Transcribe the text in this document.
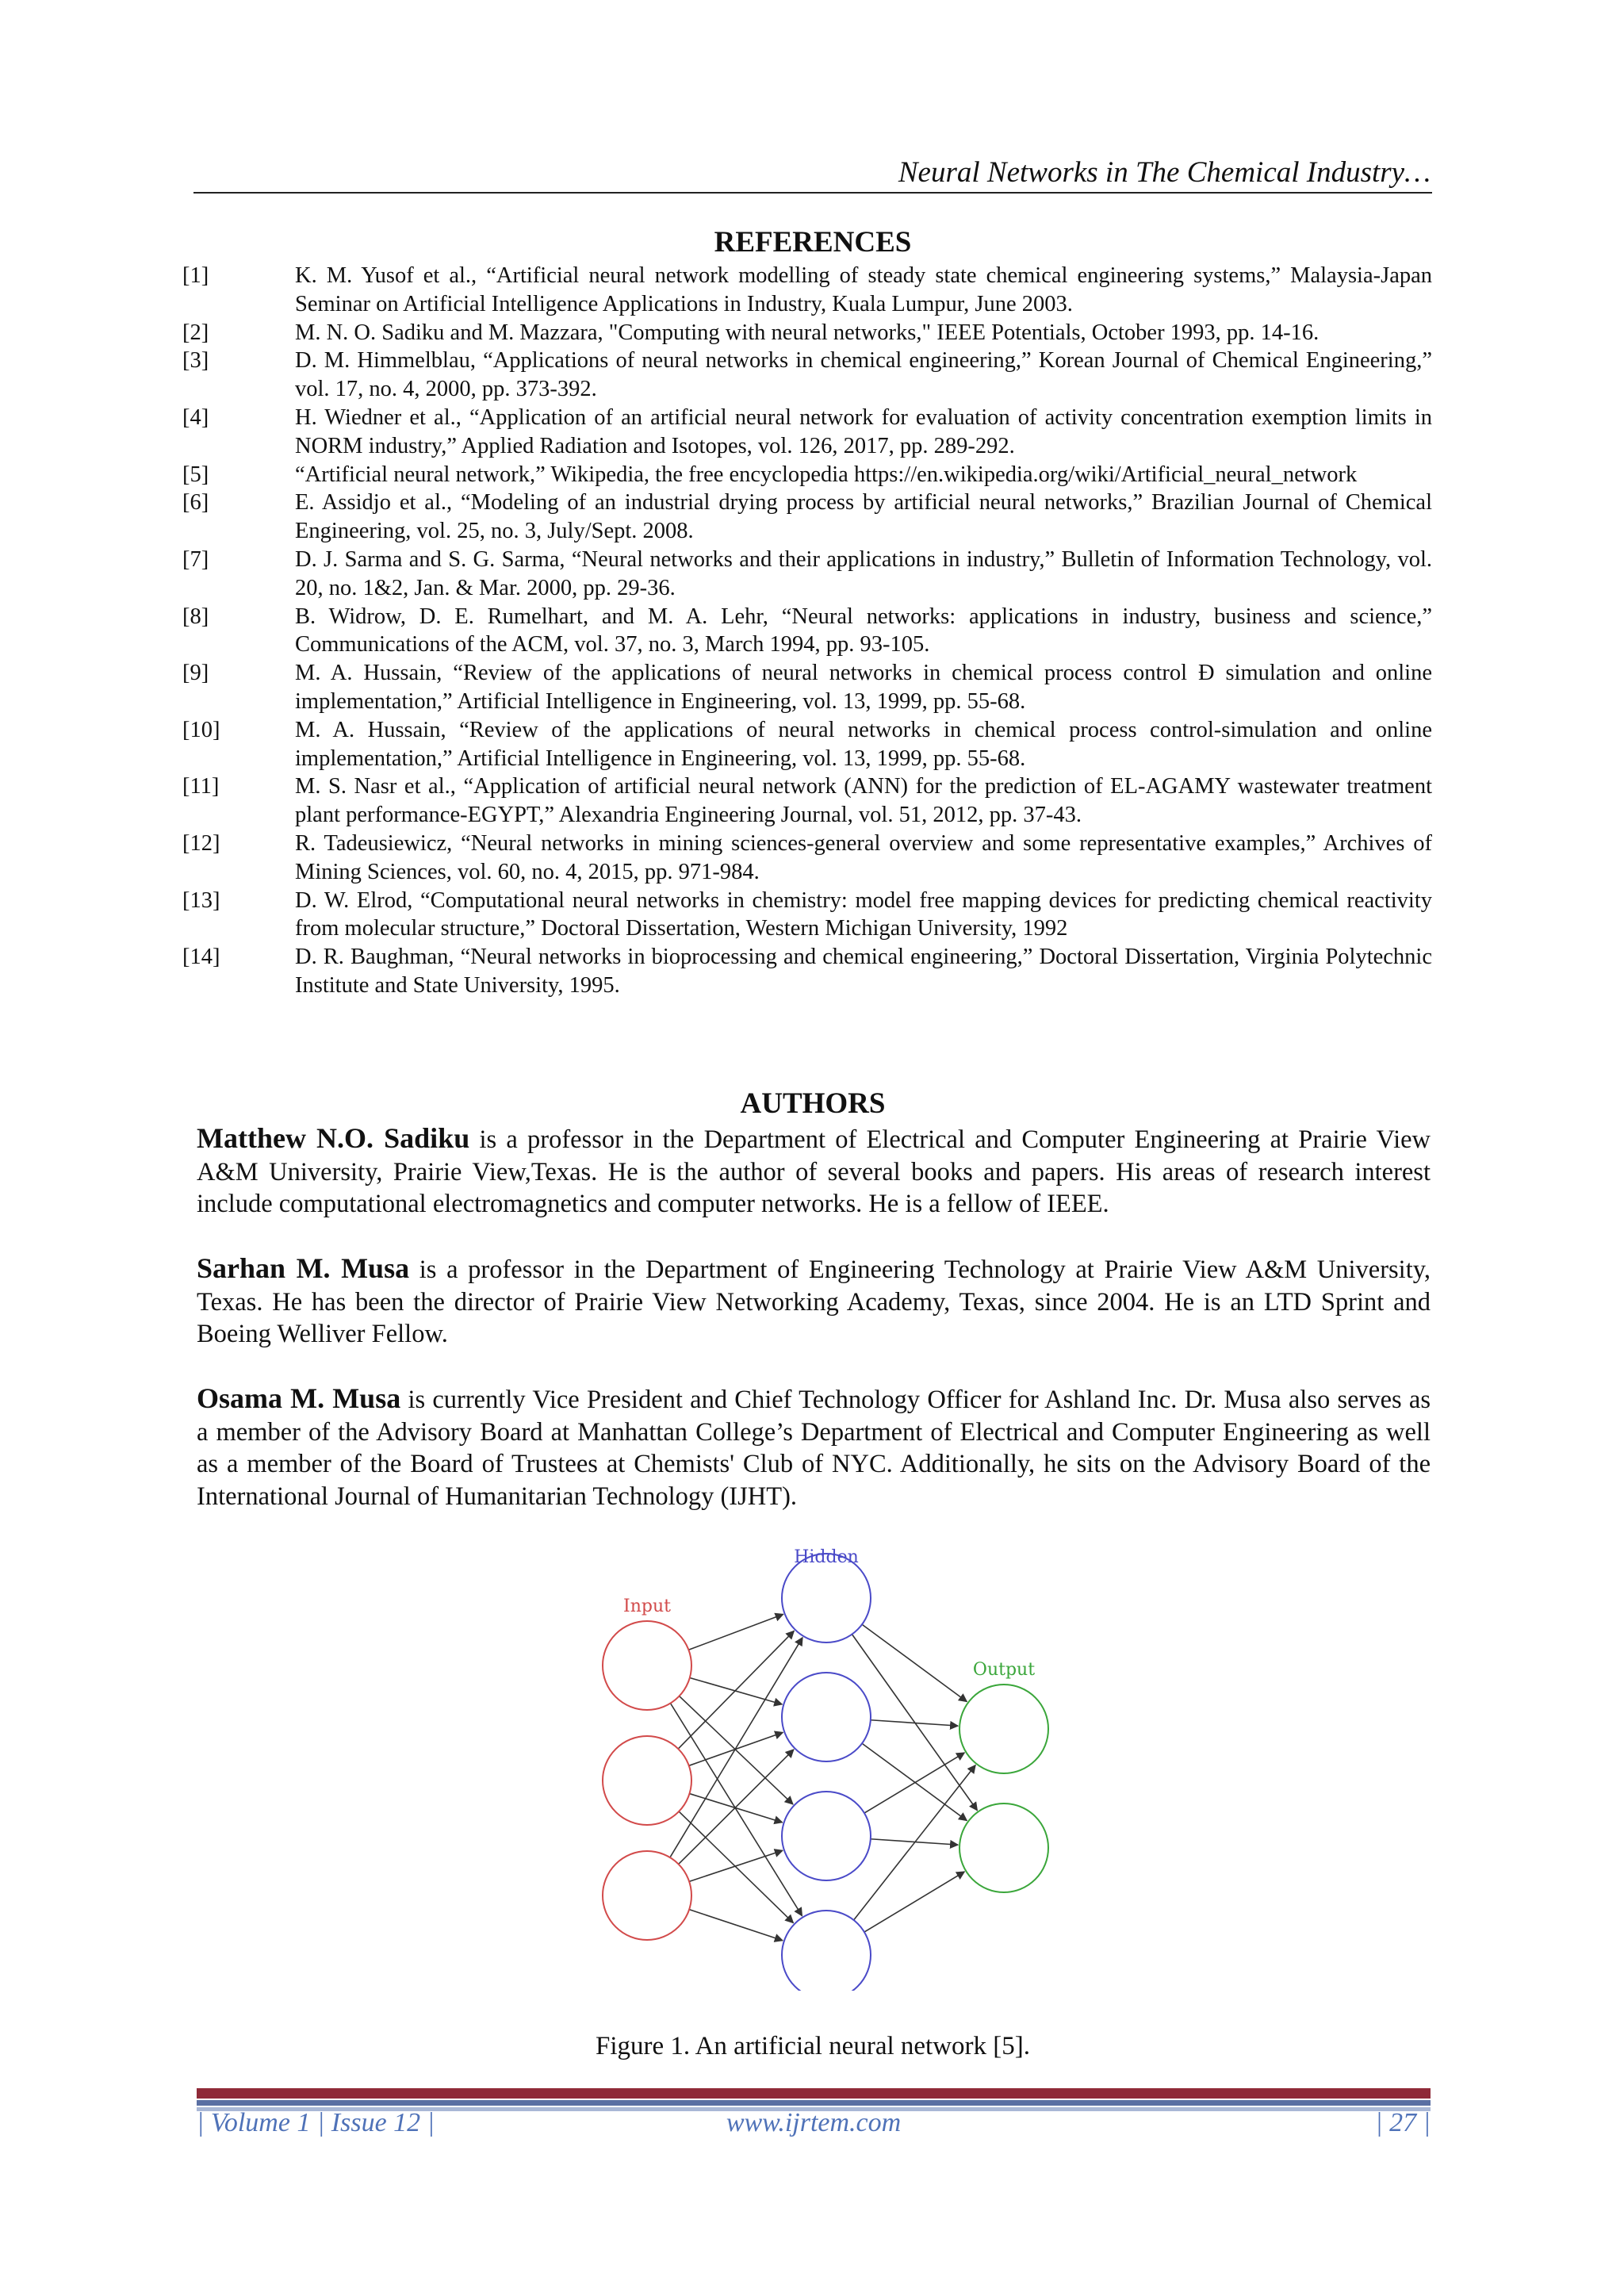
Neural Networks in The Chemical Industry…
REFERENCES
[1]	K. M. Yusof et al., “Artificial neural network modelling of steady state chemical engineering systems,” Malaysia-Japan Seminar on Artificial Intelligence Applications in Industry, Kuala Lumpur, June 2003.
[2]	M. N. O. Sadiku and M. Mazzara, "Computing with neural networks," IEEE Potentials, October 1993, pp. 14-16.
[3]	D. M. Himmelblau, “Applications of neural networks in chemical engineering,” Korean Journal of Chemical Engineering,” vol. 17, no. 4, 2000, pp. 373-392.
[4]	H. Wiedner et al., “Application of an artificial neural network for evaluation of activity concentration exemption limits in NORM industry,” Applied Radiation and Isotopes, vol. 126, 2017, pp. 289-292.
[5]	“Artificial neural network,” Wikipedia, the free encyclopedia https://en.wikipedia.org/wiki/Artificial_neural_network
[6]	E. Assidjo et al., “Modeling of an industrial drying process by artificial neural networks,” Brazilian Journal of Chemical Engineering, vol. 25, no. 3, July/Sept. 2008.
[7]	D. J. Sarma and S. G. Sarma, “Neural networks and their applications in industry,” Bulletin of Information Technology, vol. 20, no. 1&2, Jan. & Mar. 2000, pp. 29-36.
[8]	B. Widrow, D. E. Rumelhart, and M. A. Lehr, “Neural networks: applications in industry, business and science,” Communications of the ACM, vol. 37, no. 3, March 1994, pp. 93-105.
[9]	M. A. Hussain, “Review of the applications of neural networks in chemical process control Ð simulation and online implementation,” Artificial Intelligence in Engineering, vol. 13, 1999, pp. 55-68.
[10]	M. A. Hussain, “Review of the applications of neural networks in chemical process control-simulation and online implementation,” Artificial Intelligence in Engineering, vol. 13, 1999, pp. 55-68.
[11]	M. S. Nasr et al., “Application of artificial neural network (ANN) for the prediction of EL-AGAMY wastewater treatment plant performance-EGYPT,” Alexandria Engineering Journal, vol. 51, 2012, pp. 37-43.
[12]	R. Tadeusiewicz, “Neural networks in mining sciences-general overview and some representative examples,” Archives of Mining Sciences, vol. 60, no. 4, 2015, pp. 971-984.
[13]	D. W. Elrod, “Computational neural networks in chemistry: model free mapping devices for predicting chemical reactivity from molecular structure,” Doctoral Dissertation, Western Michigan University, 1992
[14]	D. R. Baughman, “Neural networks in bioprocessing and chemical engineering,” Doctoral Dissertation, Virginia Polytechnic Institute and State University, 1995.
AUTHORS

Matthew N.O. Sadiku is a professor in the Department of Electrical and Computer Engineering at Prairie View A&M University, Prairie View,Texas. He is the author of several books and papers. His areas of research interest include computational electromagnetics and computer networks. He is a fellow of IEEE.

Sarhan M. Musa is a professor in the Department of Engineering Technology at Prairie View A&M University, Texas. He has been the director of Prairie View Networking Academy, Texas, since 2004. He is an LTD Sprint and Boeing Welliver Fellow.

Osama M. Musa is currently Vice President and Chief Technology Officer for Ashland Inc. Dr. Musa also serves as a member of the Advisory Board at Manhattan College’s Department of Electrical and Computer Engineering as well as a member of the Board of Trustees at Chemists' Club of NYC. Additionally, he sits on the Advisory Board of the International Journal of Humanitarian Technology (IJHT).

Input
Hidden
Output
Figure 1. An artificial neural network [5].
| Volume 1 | Issue 12 |	www.ijrtem.com	| 27 |
